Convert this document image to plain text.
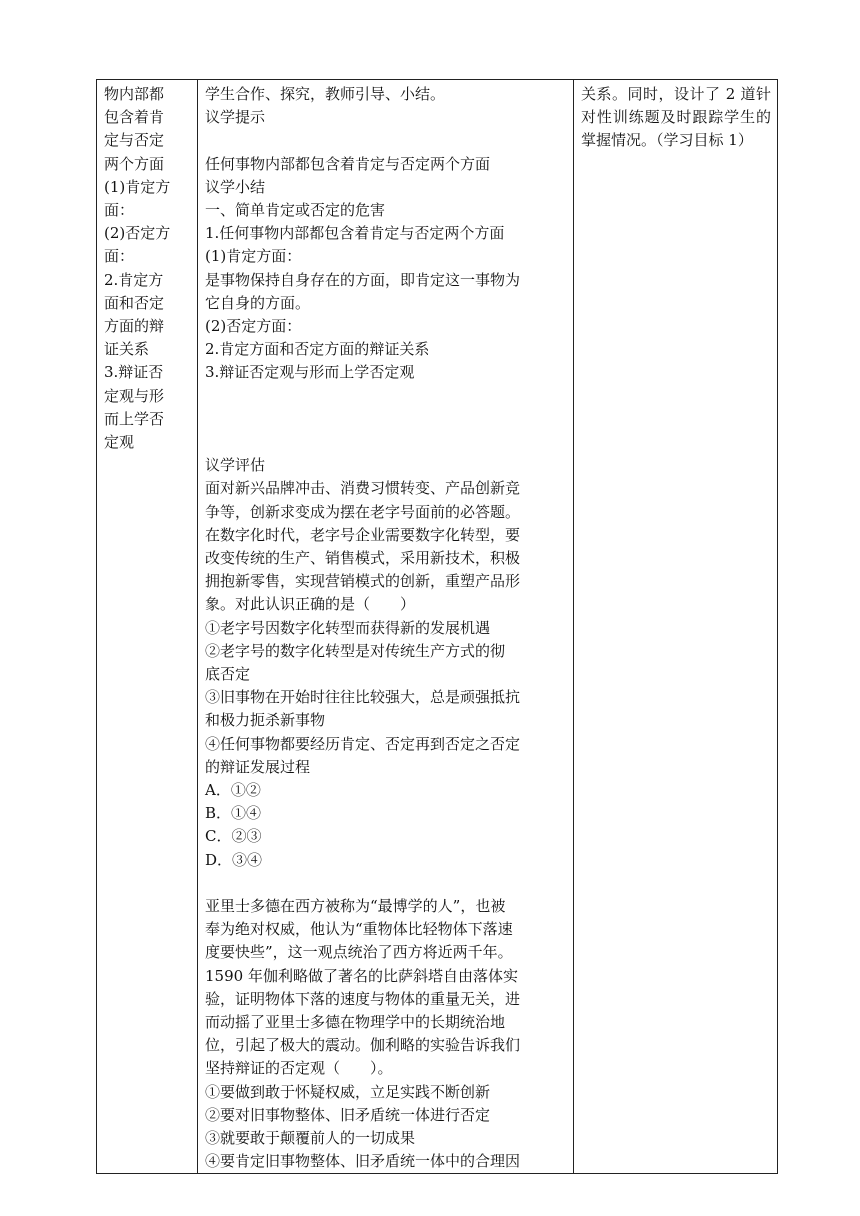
物内部都
包含着肯
定与否定
两个方面
(1)肯定方
面：
(2)否定方
面：
2.肯定方
面和否定
方面的辩
证关系
3.辩证否
定观与形
而上学否
定观

学生合作、探究，教师引导、小结。
议学提示
任何事物内部都包含着肯定与否定两个方面
议学小结
一、简单肯定或否定的危害
1.任何事物内部都包含着肯定与否定两个方面
(1)肯定方面：
是事物保持自身存在的方面，即肯定这一事物为
它自身的方面。
(2)否定方面：
2.肯定方面和否定方面的辩证关系
3.辩证否定观与形而上学否定观
议学评估
面对新兴品牌冲击、消费习惯转变、产品创新竞
争等，创新求变成为摆在老字号面前的必答题。
在数字化时代，老字号企业需要数字化转型，要
改变传统的生产、销售模式，采用新技术，积极
拥抱新零售，实现营销模式的创新，重塑产品形
象。对此认识正确的是（　　）
①老字号因数字化转型而获得新的发展机遇
②老字号的数字化转型是对传统生产方式的彻
底否定
③旧事物在开始时往往比较强大，总是顽强抵抗
和极力扼杀新事物
④任何事物都要经历肯定、否定再到否定之否定
的辩证发展过程
A．①②
B．①④
C．②③
D．③④
亚里士多德在西方被称为“最博学的人”，也被
奉为绝对权威，他认为“重物体比轻物体下落速
度要快些”，这一观点统治了西方将近两千年。
1590 年伽利略做了著名的比萨斜塔自由落体实
验，证明物体下落的速度与物体的重量无关，进
而动摇了亚里士多德在物理学中的长期统治地
位，引起了极大的震动。伽利略的实验告诉我们
坚持辩证的否定观（　　）。
①要做到敢于怀疑权威，立足实践不断创新
②要对旧事物整体、旧矛盾统一体进行否定
③就要敢于颠覆前人的一切成果
④要肯定旧事物整体、旧矛盾统一体中的合理因

关系。同时，设计了 2 道针对性训练题及时跟踪学生的掌握情况。（学习目标 1）
